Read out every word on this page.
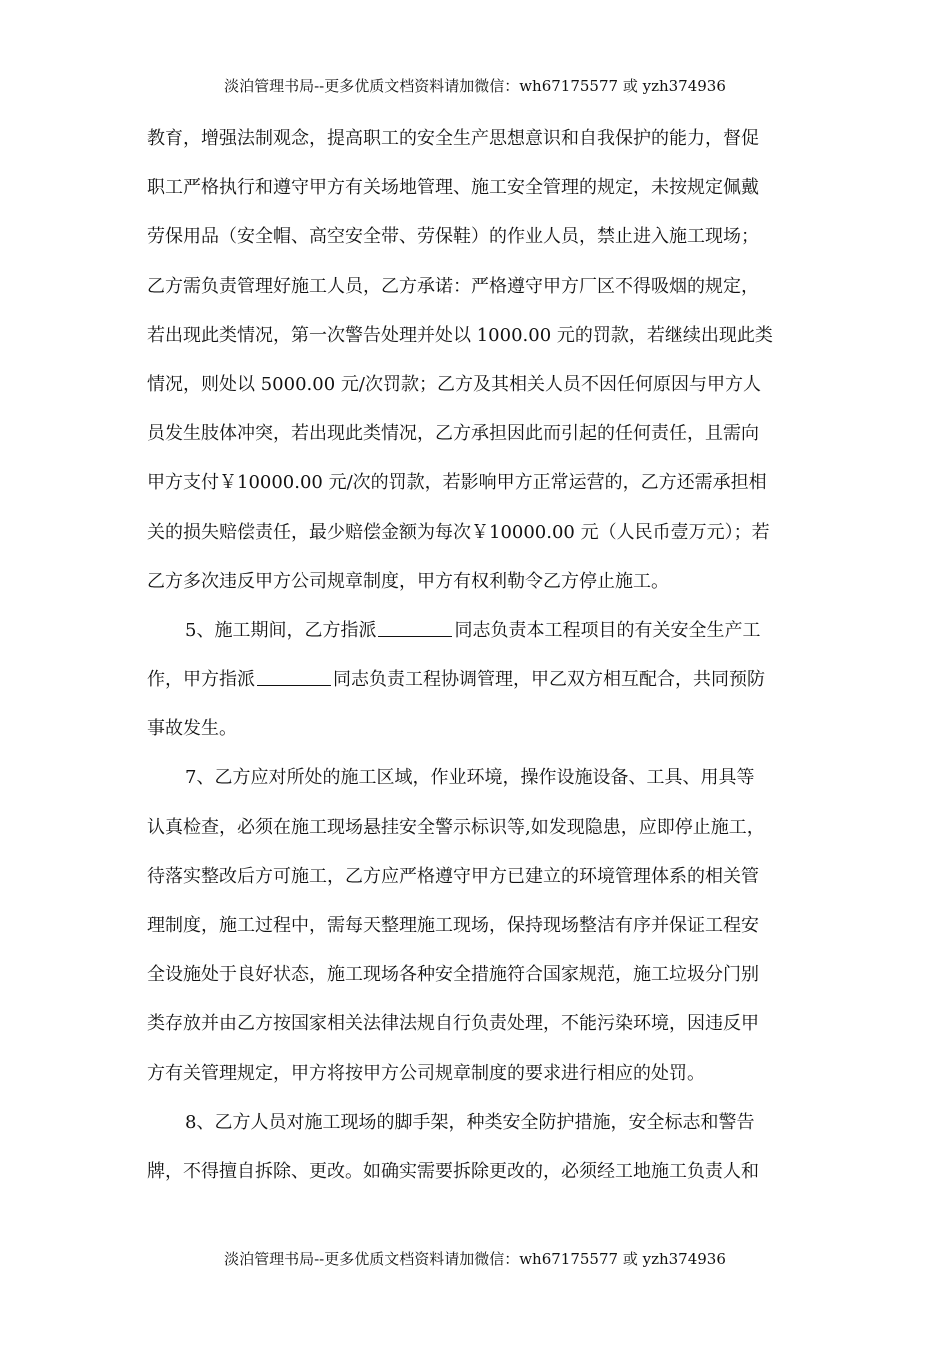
淡泊管理书局--更多优质文档资料请加微信：wh67175577 或 yzh374936
教育，增强法制观念，提高职工的安全生产思想意识和自我保护的能力，督促
职工严格执行和遵守甲方有关场地管理、施工安全管理的规定，未按规定佩戴
劳保用品（安全帽、高空安全带、劳保鞋）的作业人员，禁止进入施工现场；
乙方需负责管理好施工人员，乙方承诺：严格遵守甲方厂区不得吸烟的规定，
若出现此类情况，第一次警告处理并处以 1000.00 元的罚款，若继续出现此类
情况，则处以 5000.00 元/次罚款；乙方及其相关人员不因任何原因与甲方人
员发生肢体冲突，若出现此类情况，乙方承担因此而引起的任何责任，且需向
甲方支付￥10000.00 元/次的罚款，若影响甲方正常运营的，乙方还需承担相
关的损失赔偿责任，最少赔偿金额为每次￥10000.00 元（人民币壹万元）；若
乙方多次违反甲方公司规章制度，甲方有权利勒令乙方停止施工。
5、施工期间，乙方指派	同志负责本工程项目的有关安全生产工
作，甲方指派	同志负责工程协调管理，甲乙双方相互配合，共同预防
事故发生。
7、乙方应对所处的施工区域，作业环境，操作设施设备、工具、用具等
认真检查，必须在施工现场悬挂安全警示标识等,如发现隐患，应即停止施工，
待落实整改后方可施工，乙方应严格遵守甲方已建立的环境管理体系的相关管
理制度，施工过程中，需每天整理施工现场，保持现场整洁有序并保证工程安
全设施处于良好状态，施工现场各种安全措施符合国家规范，施工垃圾分门别
类存放并由乙方按国家相关法律法规自行负责处理，不能污染环境，因违反甲
方有关管理规定，甲方将按甲方公司规章制度的要求进行相应的处罚。
8、乙方人员对施工现场的脚手架，种类安全防护措施，安全标志和警告
牌，不得擅自拆除、更改。如确实需要拆除更改的，必须经工地施工负责人和
淡泊管理书局--更多优质文档资料请加微信：wh67175577 或 yzh374936
